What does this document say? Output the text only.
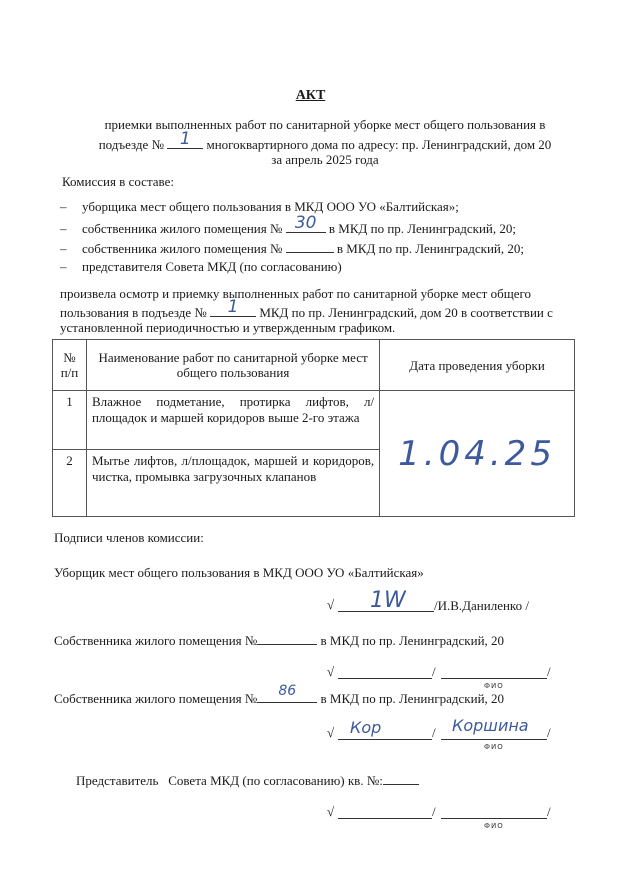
АКТ
приемки выполненных работ по санитарной уборке мест общего пользования в
подъезде № 1	многоквартирного дома по адресу: пр. Ленинградский, дом 20
за апрель 2025 года
Комиссия в составе:
– уборщика мест общего пользования в МКД ООО УО «Балтийская»;
– собственника жилого помещения № 30 в МКД по пр. Ленинградский, 20;
– собственника жилого помещения №	в МКД по пр. Ленинградский, 20;
– представителя Совета МКД (по согласованию)
произвела осмотр и приемку выполненных работ по санитарной уборке мест общего
пользования в подъезде №	1	МКД по пр. Ленинградский, дом 20 в соответствии с
установленной периодичностью и утвержденным графиком.
№ п/п	Наименование работ по санитарной уборке мест общего пользования	Дата проведения уборки
1	Влажное подметание, протирка лифтов, л/площадок и маршей коридоров выше 2-го этажа	1.04.25
2	Мытье лифтов, л/площадок, маршей и коридоров, чистка, промывка загрузочных клапанов	
Подписи членов комиссии:
Уборщик мест общего пользования в МКД ООО УО «Балтийская»
√ 1W /И.В.Даниленко /
Собственника жилого помещения №	в МКД по пр. Ленинградский, 20
√	/	/
ФИО
Собственника жилого помещения №	86	в МКД по пр. Ленинградский, 20
√ Кор	/ Коршина /
ФИО
Представитель Совета МКД (по согласованию) кв. №:
√	/	/
ФИО
